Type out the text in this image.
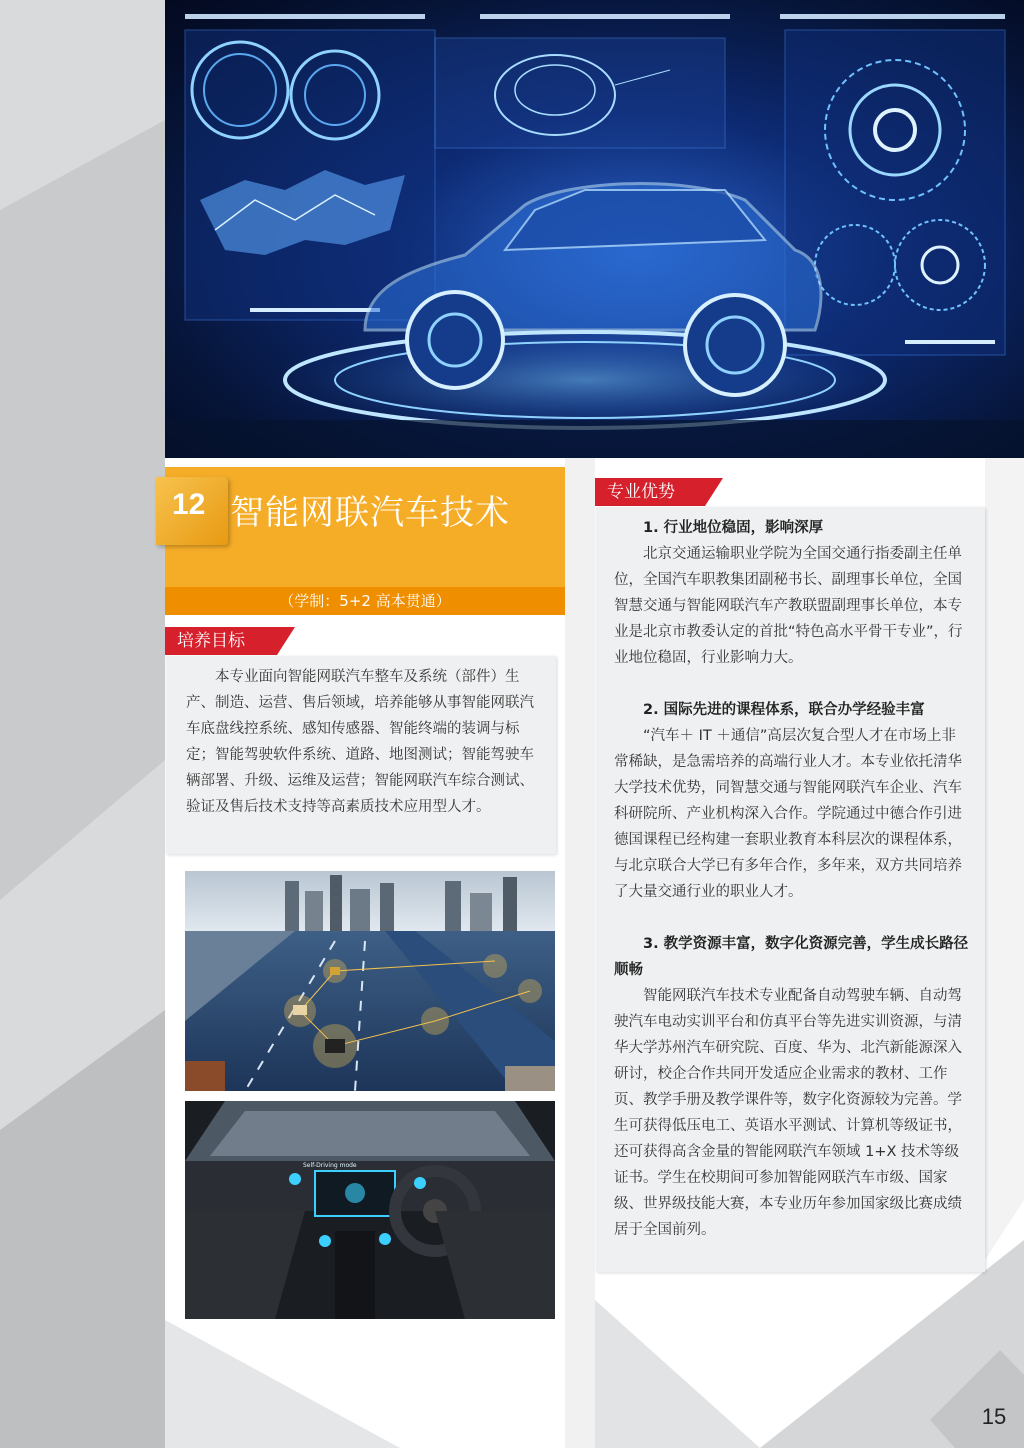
12 智能网联汽车技术
（学制：5+2 高本贯通）
培养目标

本专业面向智能网联汽车整车及系统（部件）生产、制造、运营、售后领域，培养能够从事智能网联汽车底盘线控系统、感知传感器、智能终端的装调与标定；智能驾驶软件系统、道路、地图测试；智能驾驶车辆部署、升级、运维及运营；智能网联汽车综合测试、验证及售后技术支持等高素质技术应用型人才。

Self-Driving mode
专业优势

1. 行业地位稳固，影响深厚

北京交通运输职业学院为全国交通行指委副主任单位，全国汽车职教集团副秘书长、副理事长单位，全国智慧交通与智能网联汽车产教联盟副理事长单位，本专业是北京市教委认定的首批“特色高水平骨干专业”，行业地位稳固，行业影响力大。

2. 国际先进的课程体系，联合办学经验丰富

“汽车＋ IT ＋通信”高层次复合型人才在市场上非常稀缺，是急需培养的高端行业人才。本专业依托清华大学技术优势，同智慧交通与智能网联汽车企业、汽车科研院所、产业机构深入合作。学院通过中德合作引进德国课程已经构建一套职业教育本科层次的课程体系，与北京联合大学已有多年合作，多年来，双方共同培养了大量交通行业的职业人才。

3. 教学资源丰富，数字化资源完善，学生成长路径顺畅

智能网联汽车技术专业配备自动驾驶车辆、自动驾驶汽车电动实训平台和仿真平台等先进实训资源，与清华大学苏州汽车研究院、百度、华为、北汽新能源深入研讨，校企合作共同开发适应企业需求的教材、工作页、教学手册及教学课件等，数字化资源较为完善。学生可获得低压电工、英语水平测试、计算机等级证书，还可获得高含金量的智能网联汽车领域 1+X 技术等级证书。学生在校期间可参加智能网联汽车市级、国家级、世界级技能大赛，本专业历年参加国家级比赛成绩居于全国前列。

15
